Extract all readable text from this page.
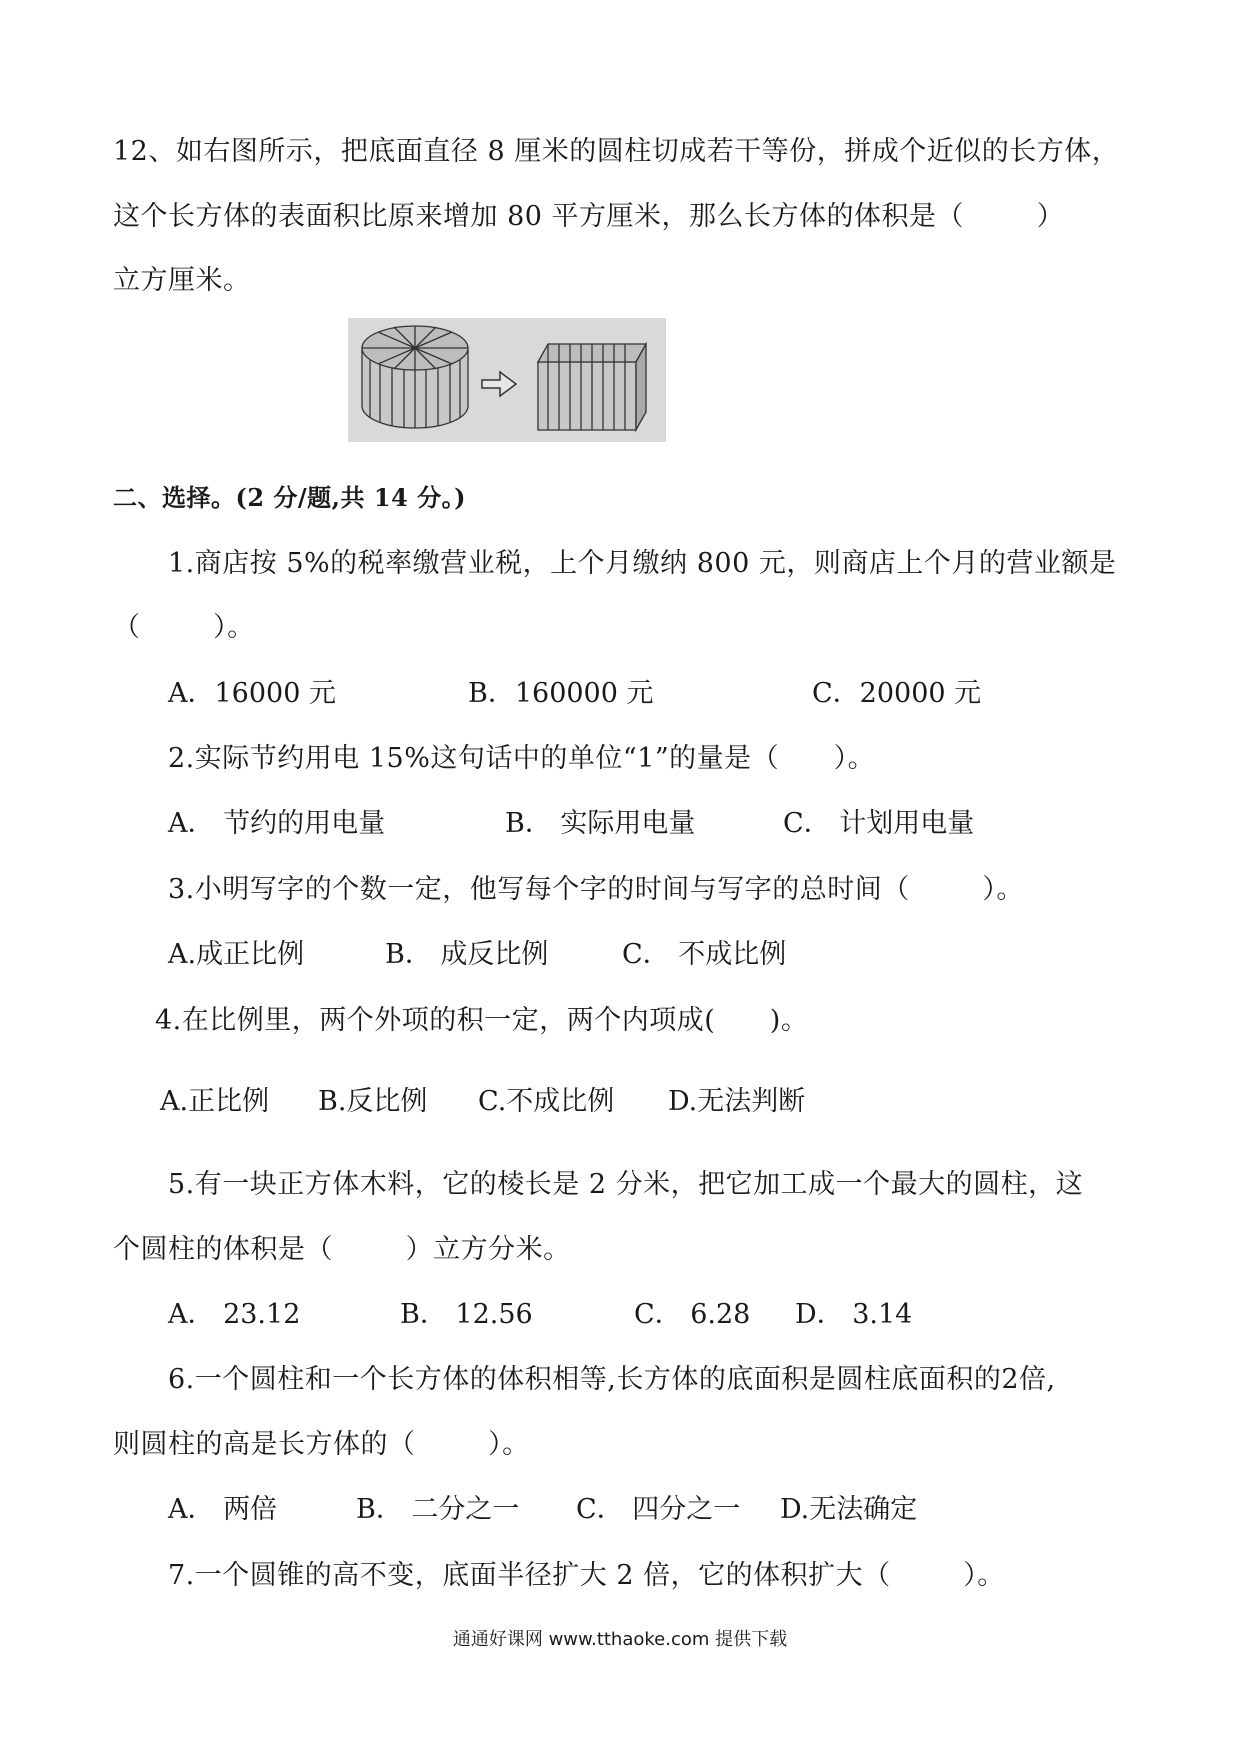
12、如右图所示，把底面直径 8 厘米的圆柱切成若干等份，拼成个近似的长方体，
这个长方体的表面积比原来增加 80 平方厘米，那么长方体的体积是（        ）
立方厘米。
二、选择。(2 分/题,共 14 分。)
1.商店按 5%的税率缴营业税，上个月缴纳 800 元，则商店上个月的营业额是
（        ）。
A．16000 元	B．160000 元	C．20000 元
2.实际节约用电 15%这句话中的单位“1”的量是（      ）。
A． 节约的用电量	B． 实际用电量	C． 计划用电量
3.小明写字的个数一定，他写每个字的时间与写字的总时间（        ）。
A.成正比例	B． 成反比例	C． 不成比例
4.在比例里，两个外项的积一定，两个内项成(      )。
A.正比例 B.反比例 C.不成比例 D.无法判断
5.有一块正方体木料，它的棱长是 2 分米，把它加工成一个最大的圆柱，这
个圆柱的体积是（        ）立方分米。
A． 23.12	B． 12.56	C． 6.28 D． 3.14
6.一个圆柱和一个长方体的体积相等,长方体的底面积是圆柱底面积的2倍,
则圆柱的高是长方体的（        ）。
A． 两倍	B． 二分之一 C． 四分之一 D.无法确定
7.一个圆锥的高不变，底面半径扩大 2 倍，它的体积扩大（        ）。
通通好课网 www.tthaoke.com 提供下载
